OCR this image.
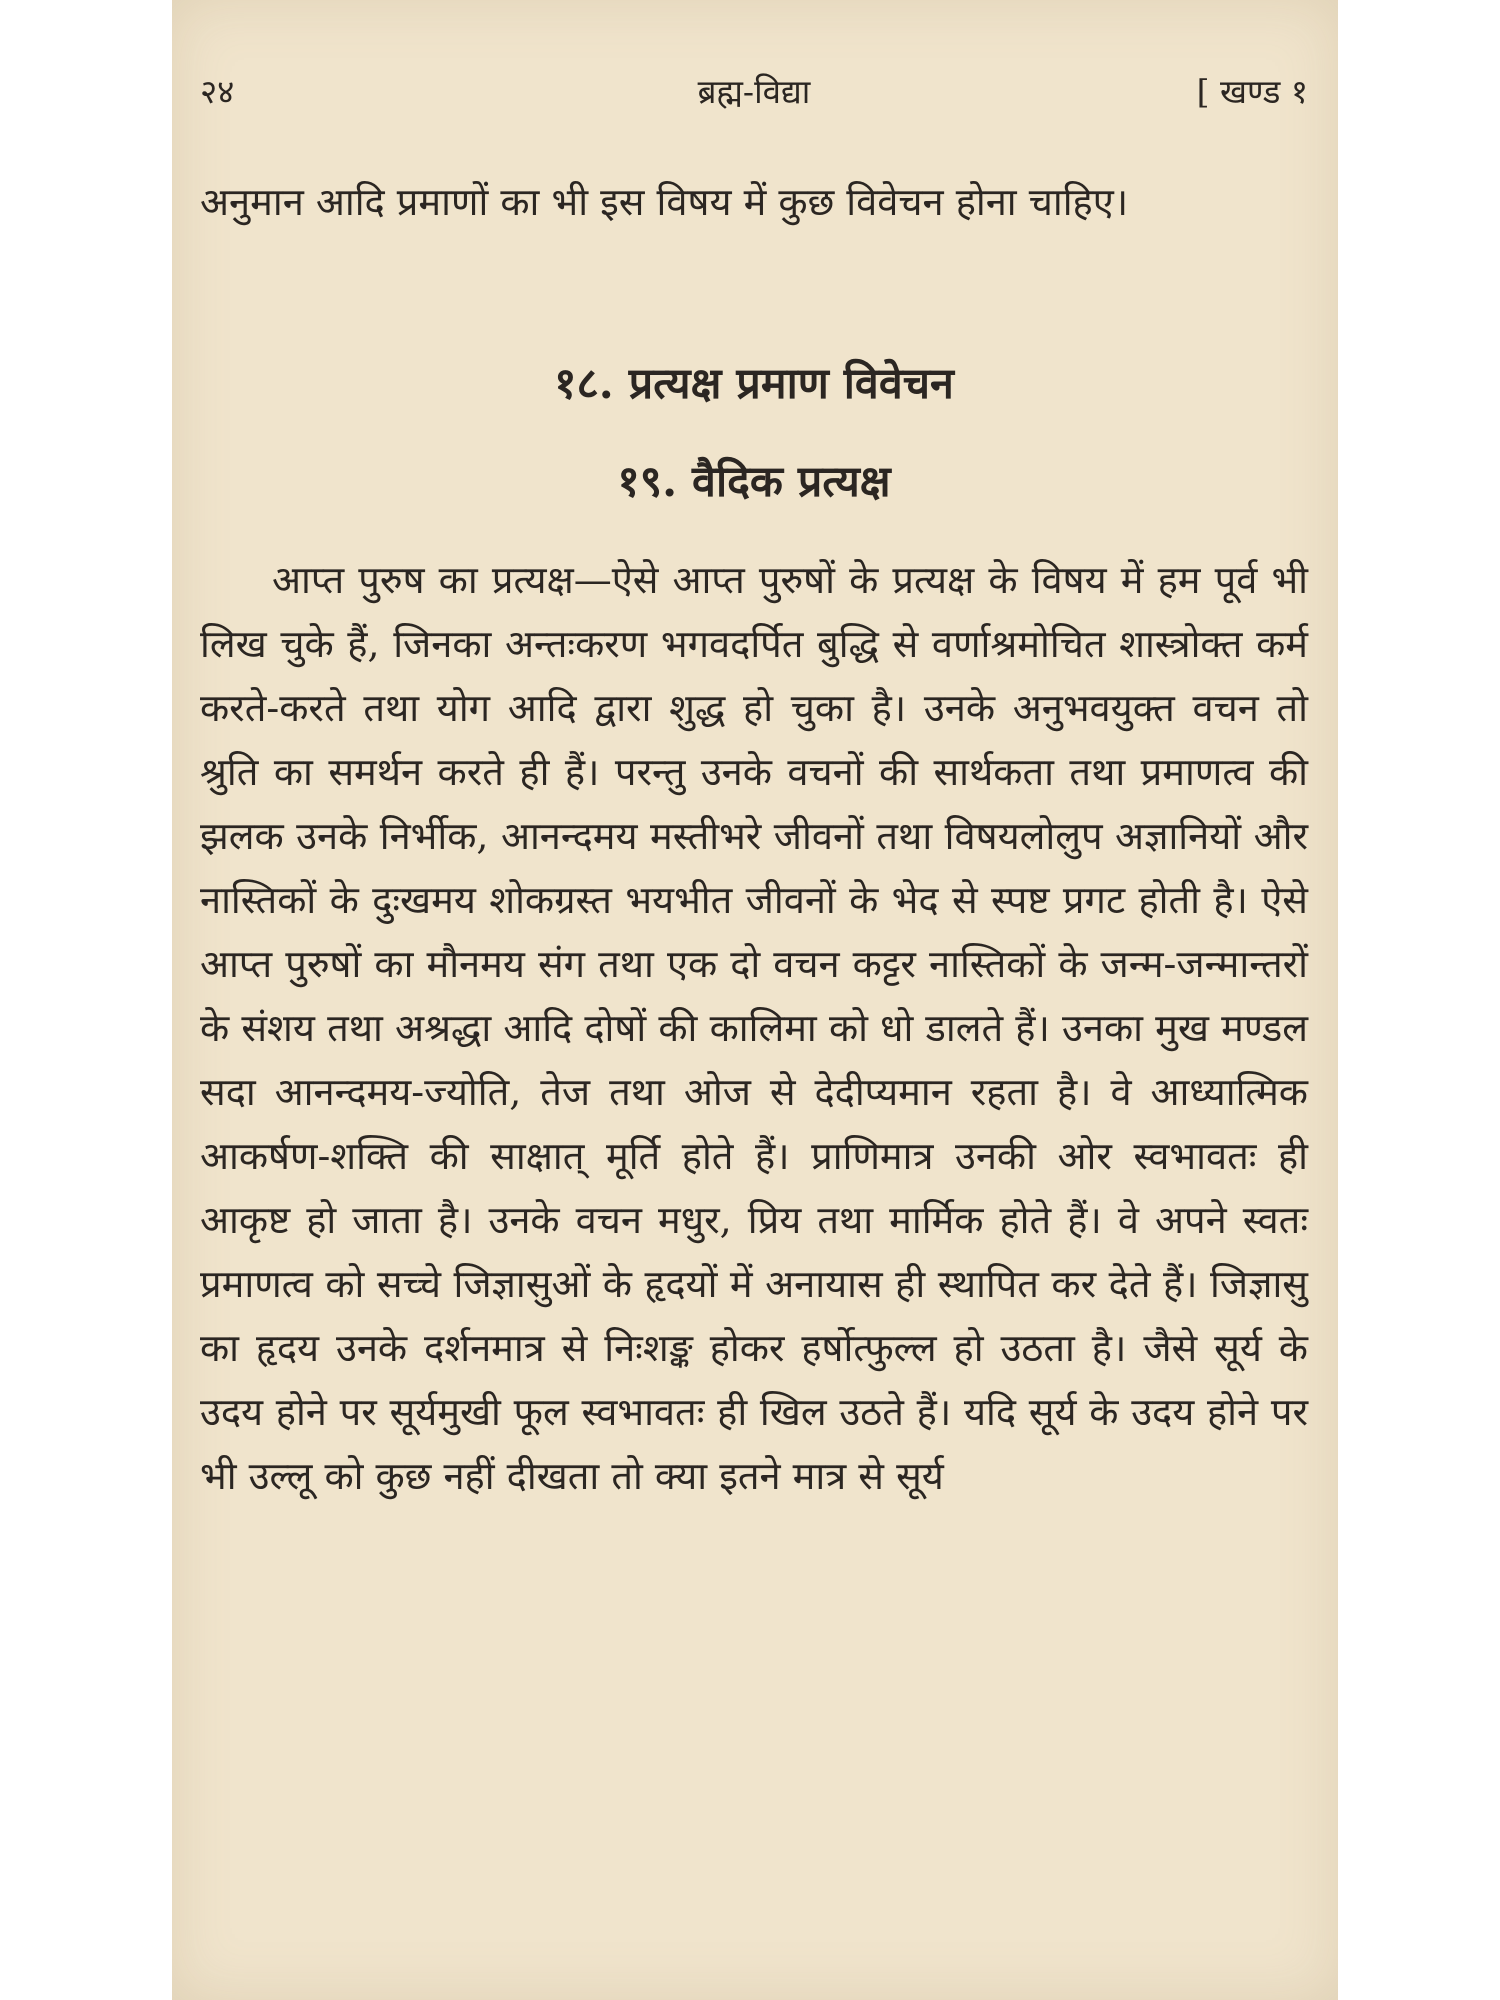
२४	ब्रह्म-विद्या	[ खण्ड १
अनुमान आदि प्रमाणों का भी इस विषय में कुछ विवेचन होना चाहिए।
१८. प्रत्यक्ष प्रमाण विवेचन
१९. वैदिक प्रत्यक्ष
आप्त पुरुष का प्रत्यक्ष—ऐसे आप्त पुरुषों के प्रत्यक्ष के विषय में हम पूर्व भी लिख चुके हैं, जिनका अन्तःकरण भगवदर्पित बुद्धि से वर्णाश्रमोचित शास्त्रोक्त कर्म करते-करते तथा योग आदि द्वारा शुद्ध हो चुका है। उनके अनुभवयुक्त वचन तो श्रुति का समर्थन करते ही हैं। परन्तु उनके वचनों की सार्थकता तथा प्रमाणत्व की झलक उनके निर्भीक, आनन्दमय मस्तीभरे जीवनों तथा विषयलोलुप अज्ञानियों और नास्तिकों के दुःखमय शोकग्रस्त भयभीत जीवनों के भेद से स्पष्ट प्रगट होती है। ऐसे आप्त पुरुषों का मौनमय संग तथा एक दो वचन कट्टर नास्तिकों के जन्म-जन्मान्तरों के संशय तथा अश्रद्धा आदि दोषों की कालिमा को धो डालते हैं। उनका मुख मण्डल सदा आनन्दमय-ज्योति, तेज तथा ओज से देदीप्यमान रहता है। वे आध्यात्मिक आकर्षण-शक्ति की साक्षात् मूर्ति होते हैं। प्राणिमात्र उनकी ओर स्वभावतः ही आकृष्ट हो जाता है। उनके वचन मधुर, प्रिय तथा मार्मिक होते हैं। वे अपने स्वतः प्रमाणत्व को सच्चे जिज्ञासुओं के हृदयों में अनायास ही स्थापित कर देते हैं। जिज्ञासु का हृदय उनके दर्शनमात्र से निःशङ्क होकर हर्षोत्फुल्ल हो उठता है। जैसे सूर्य के उदय होने पर सूर्यमुखी फूल स्वभावतः ही खिल उठते हैं। यदि सूर्य के उदय होने पर भी उल्लू को कुछ नहीं दीखता तो क्या इतने मात्र से सूर्य
